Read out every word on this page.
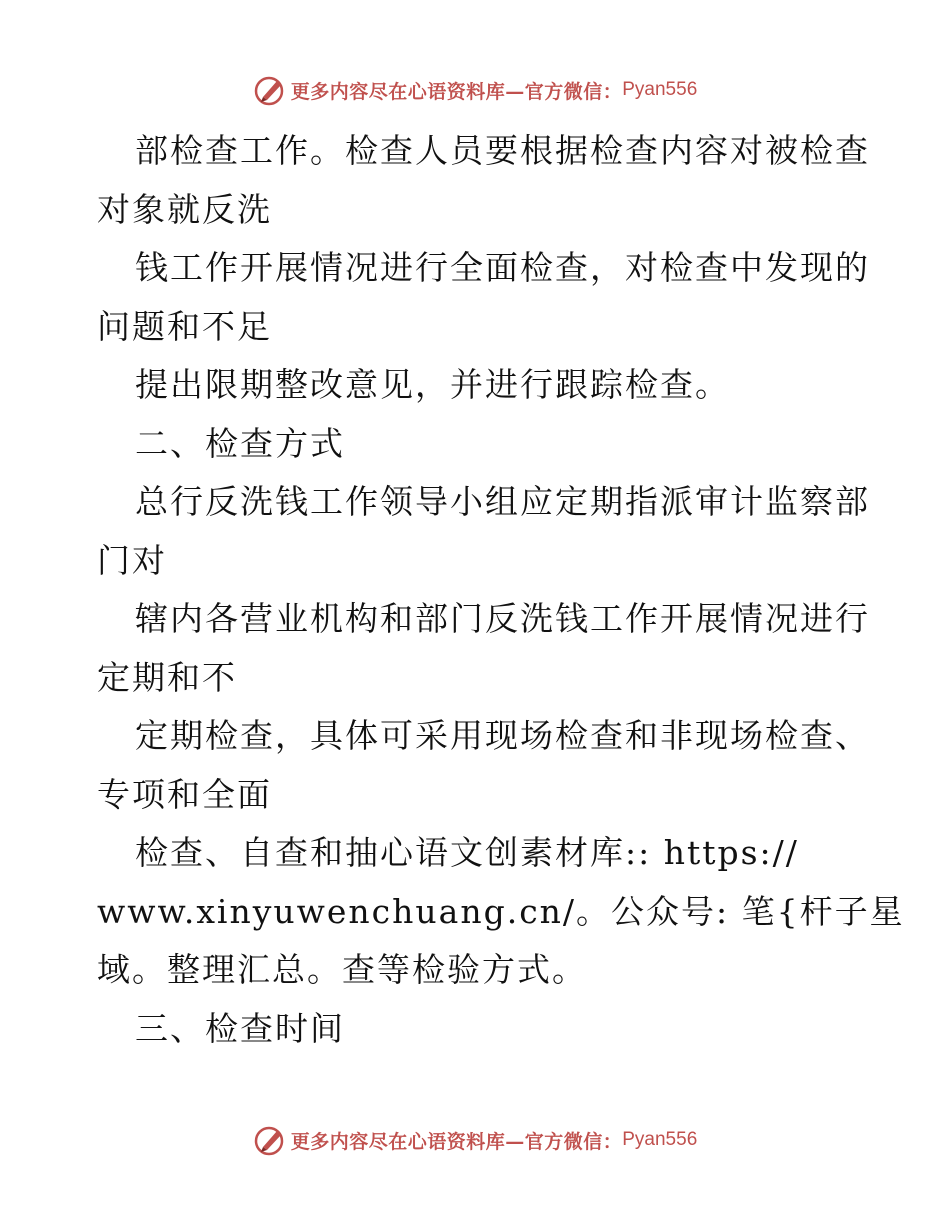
更多内容尽在心语资料库—官方微信： Pyan556
部检查工作。检查人员要根据检查内容对被检查
对象就反洗
钱工作开展情况进行全面检查，对检查中发现的
问题和不足
提出限期整改意见，并进行跟踪检查。
二、检查方式
总行反洗钱工作领导小组应定期指派审计监察部
门对
辖内各营业机构和部门反洗钱工作开展情况进行
定期和不
定期检查，具体可采用现场检查和非现场检查、
专项和全面
检查、自查和抽心语文创素材库:: https://
www.xinyuwenchuang.cn/。公众号: 笔{杆子星
域。整理汇总。查等检验方式。
三、检查时间
更多内容尽在心语资料库—官方微信： Pyan556
